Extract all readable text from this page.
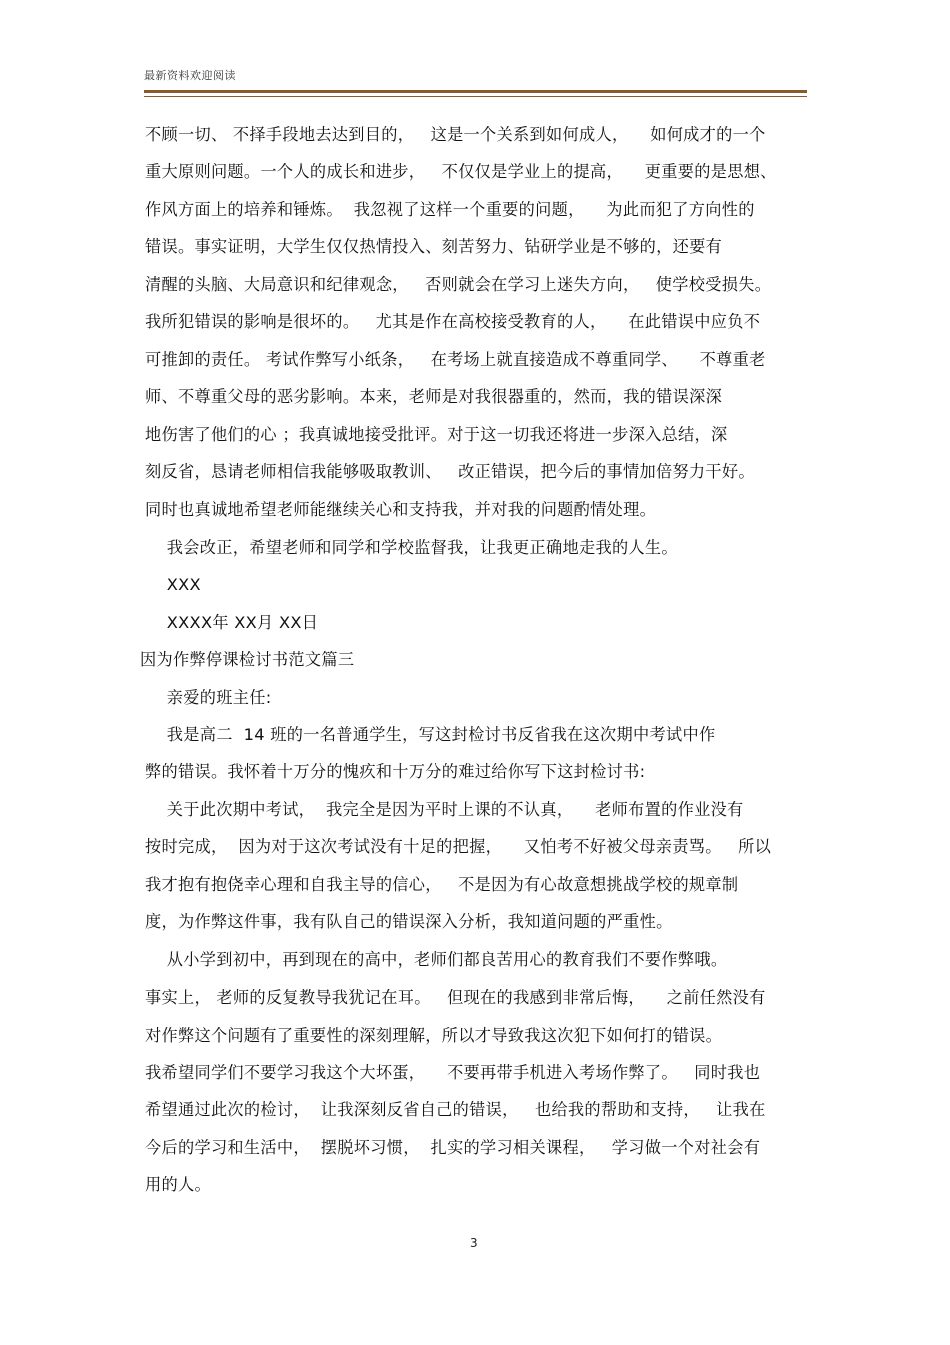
最新资料欢迎阅读
不顾一切、 不择手段地去达到目的，   这是一个关系到如何成人，    如何成才的一个
重大原则问题。一个人的成长和进步，   不仅仅是学业上的提高，    更重要的是思想、
作风方面上的培养和锤炼。  我忽视了这样一个重要的问题，    为此而犯了方向性的
错误。事实证明，大学生仅仅热情投入、刻苦努力、钻研学业是不够的，还要有
清醒的头脑、大局意识和纪律观念，   否则就会在学习上迷失方向，   使学校受损失。
我所犯错误的影响是很坏的。   尤其是作在高校接受教育的人，    在此错误中应负不
可推卸的责任。 考试作弊写小纸条，   在考场上就直接造成不尊重同学、    不尊重老
师、不尊重父母的恶劣影响。本来，老师是对我很器重的，然而，我的错误深深
地伤害了他们的心 ；我真诚地接受批评。对于这一切我还将进一步深入总结，深
刻反省，恳请老师相信我能够吸取教训、   改正错误，把今后的事情加倍努力干好。
同时也真诚地希望老师能继续关心和支持我，并对我的问题酌情处理。
我会改正，希望老师和同学和学校监督我，让我更正确地走我的人生。
XXX
XXXX年 XX月 XX日
因为作弊停课检讨书范文篇三
亲爱的班主任:
我是高二  14 班的一名普通学生，写这封检讨书反省我在这次期中考试中作
弊的错误。我怀着十万分的愧疚和十万分的难过给你写下这封检讨书:
关于此次期中考试，  我完全是因为平时上课的不认真，    老师布置的作业没有
按时完成，  因为对于这次考试没有十足的把握，    又怕考不好被父母亲责骂。   所以
我才抱有抱侥幸心理和自我主导的信心，   不是因为有心故意想挑战学校的规章制
度，为作弊这件事，我有队自己的错误深入分析，我知道问题的严重性。
从小学到初中，再到现在的高中，老师们都良苦用心的教育我们不要作弊哦。
事实上， 老师的反复教导我犹记在耳。   但现在的我感到非常后悔，    之前任然没有
对作弊这个问题有了重要性的深刻理解，所以才导致我这次犯下如何打的错误。
我希望同学们不要学习我这个大坏蛋，    不要再带手机进入考场作弊了。   同时我也
希望通过此次的检讨，  让我深刻反省自己的错误，   也给我的帮助和支持，   让我在
今后的学习和生活中，  摆脱坏习惯，  扎实的学习相关课程，   学习做一个对社会有
用的人。
3
